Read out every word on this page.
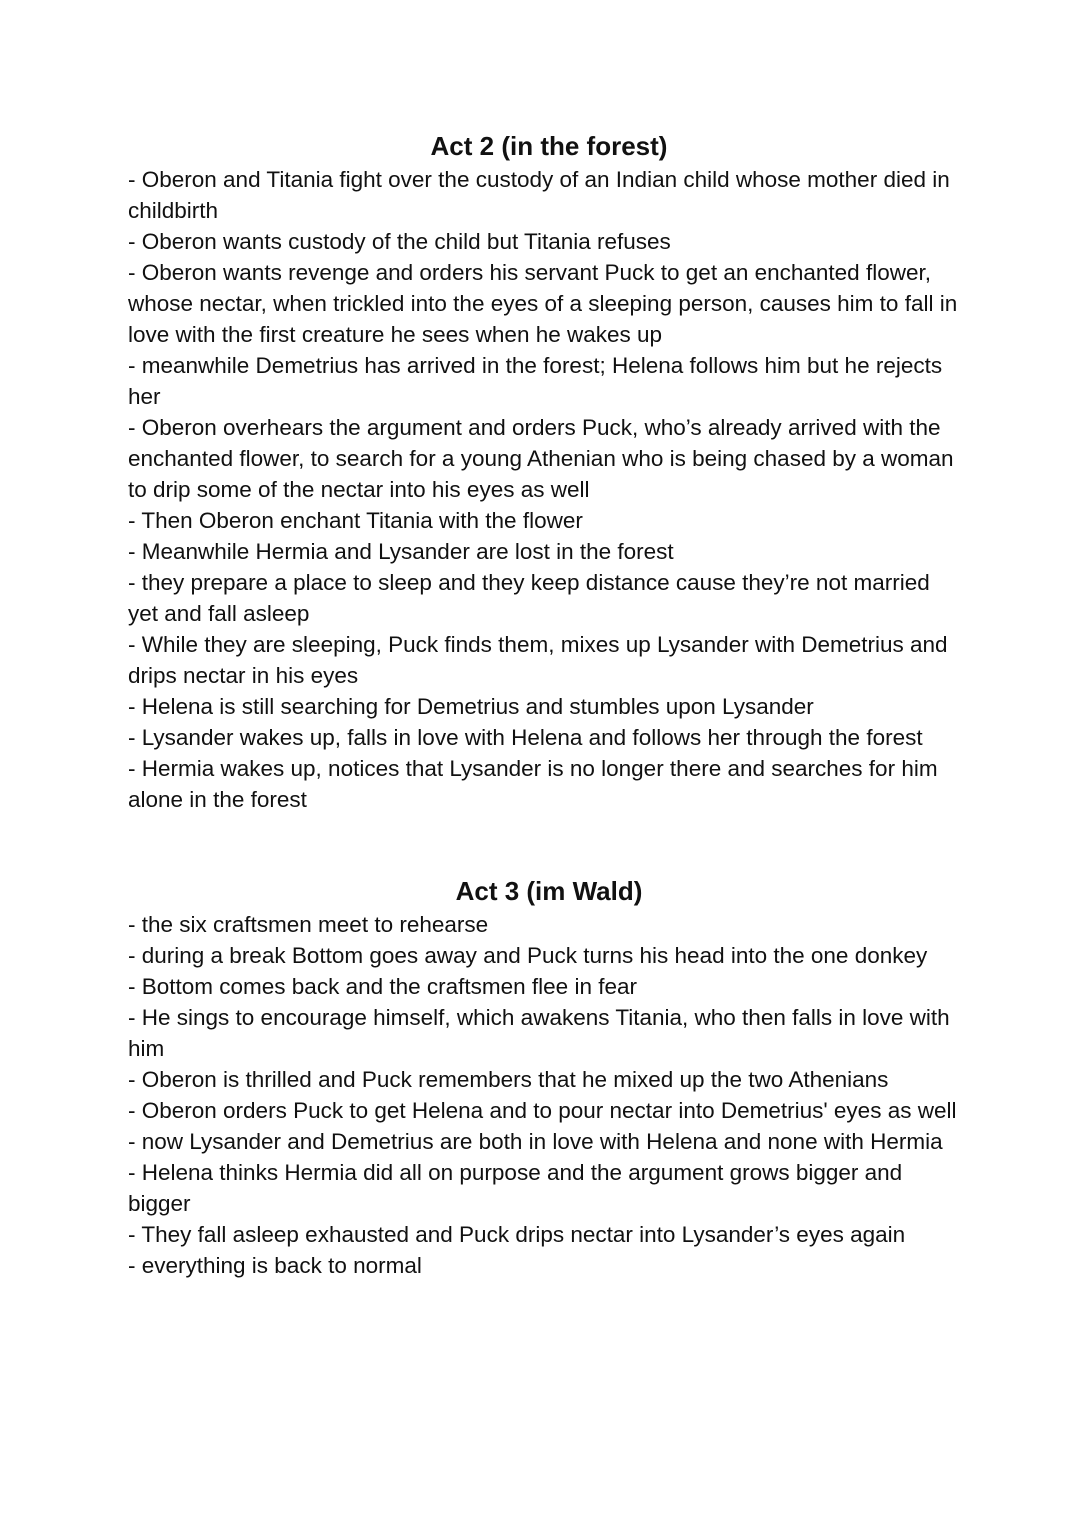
Act 2 (in the forest)
- Oberon and Titania fight over the custody of an Indian child whose mother died in childbirth
- Oberon wants custody of the child but Titania refuses
- Oberon wants revenge and orders his servant Puck to get an enchanted flower, whose nectar, when trickled into the eyes of a sleeping person, causes him to fall in love with the first creature he sees when he wakes up
- meanwhile Demetrius has arrived in the forest; Helena follows him but he rejects her
- Oberon overhears the argument and orders Puck, who’s already arrived with the enchanted flower, to search for a young Athenian who is being chased by a woman to drip some of the nectar into his eyes as well
- Then Oberon enchant Titania with the flower
- Meanwhile Hermia and Lysander are lost in the forest
- they prepare a place to sleep and they keep distance cause they’re not married yet and fall asleep
- While they are sleeping, Puck finds them, mixes up Lysander with Demetrius and drips nectar in his eyes
- Helena is still searching for Demetrius and stumbles upon Lysander
- Lysander wakes up, falls in love with Helena and follows her through the forest
- Hermia wakes up, notices that Lysander is no longer there and searches for him alone in the forest
Act 3 (im Wald)
- the six craftsmen meet to rehearse
- during a break Bottom goes away and Puck turns his head into the one donkey
- Bottom comes back and the craftsmen flee in fear
- He sings to encourage himself, which awakens Titania, who then falls in love with him
- Oberon is thrilled and Puck remembers that he mixed up the two Athenians
- Oberon orders Puck to get Helena and to pour nectar into Demetrius' eyes as well
- now Lysander and Demetrius are both in love with Helena and none with Hermia
- Helena thinks Hermia did all on purpose and the argument grows bigger and bigger
- They fall asleep exhausted and Puck drips nectar into Lysander’s eyes again
- everything is back to normal
